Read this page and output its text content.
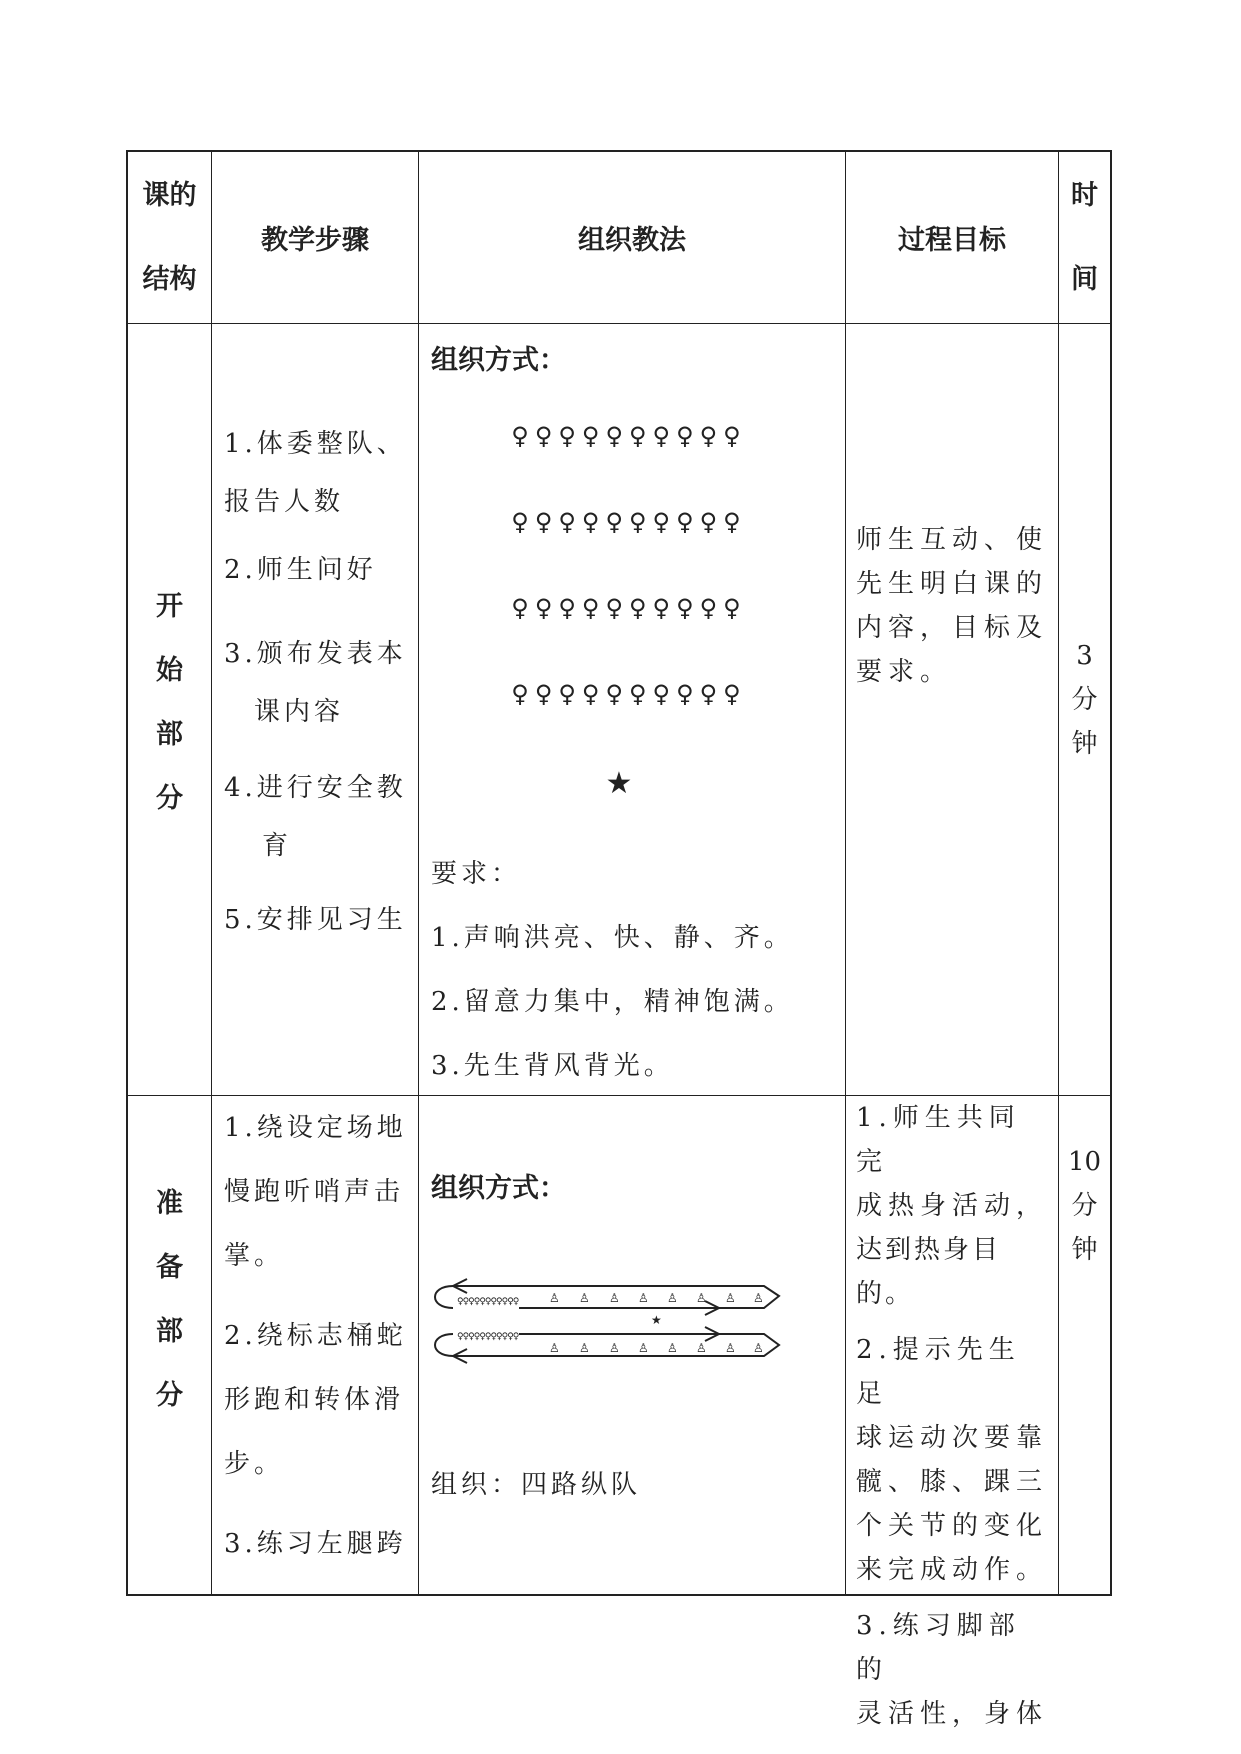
课的
结构
教学步骤	组织教法	过程目标
时
间
开
始
部
分

1.体委整队、

报告人数

2.师生问好

3.颁布发表本

课内容

4.进行安全教

育

5.安排见习生

组织方式：
♀♀♀♀♀♀♀♀♀♀
♀♀♀♀♀♀♀♀♀♀
♀♀♀♀♀♀♀♀♀♀
♀♀♀♀♀♀♀♀♀♀
★

要求：

1.声响洪亮、快、静、齐。

2.留意力集中，精神饱满。

3.先生背风背光。

师生互动、使

先生明白课的

内容，目标及

要求。

3
分
钟
准
备
部
分

1.绕设定场地

慢跑听哨声击

掌。

2.绕标志桶蛇

形跑和转体滑

步。

3.练习左腿跨

组织方式：
♀♀♀♀♀♀♀♀♀♀♀
♀♀♀♀♀♀♀♀♀♀♀
♙ ♙ ♙ ♙ ♙ ♙ ♙ ♙
♙ ♙ ♙ ♙ ♙ ♙ ♙ ♙
★
组织：四路纵队

1.师生共同完

成热身活动，

达到热身目的。

2.提示先生足

球运动次要靠

髋、膝、踝三

个关节的变化

来完成动作。

3.练习脚部的

灵活性，身体

10
分
钟
